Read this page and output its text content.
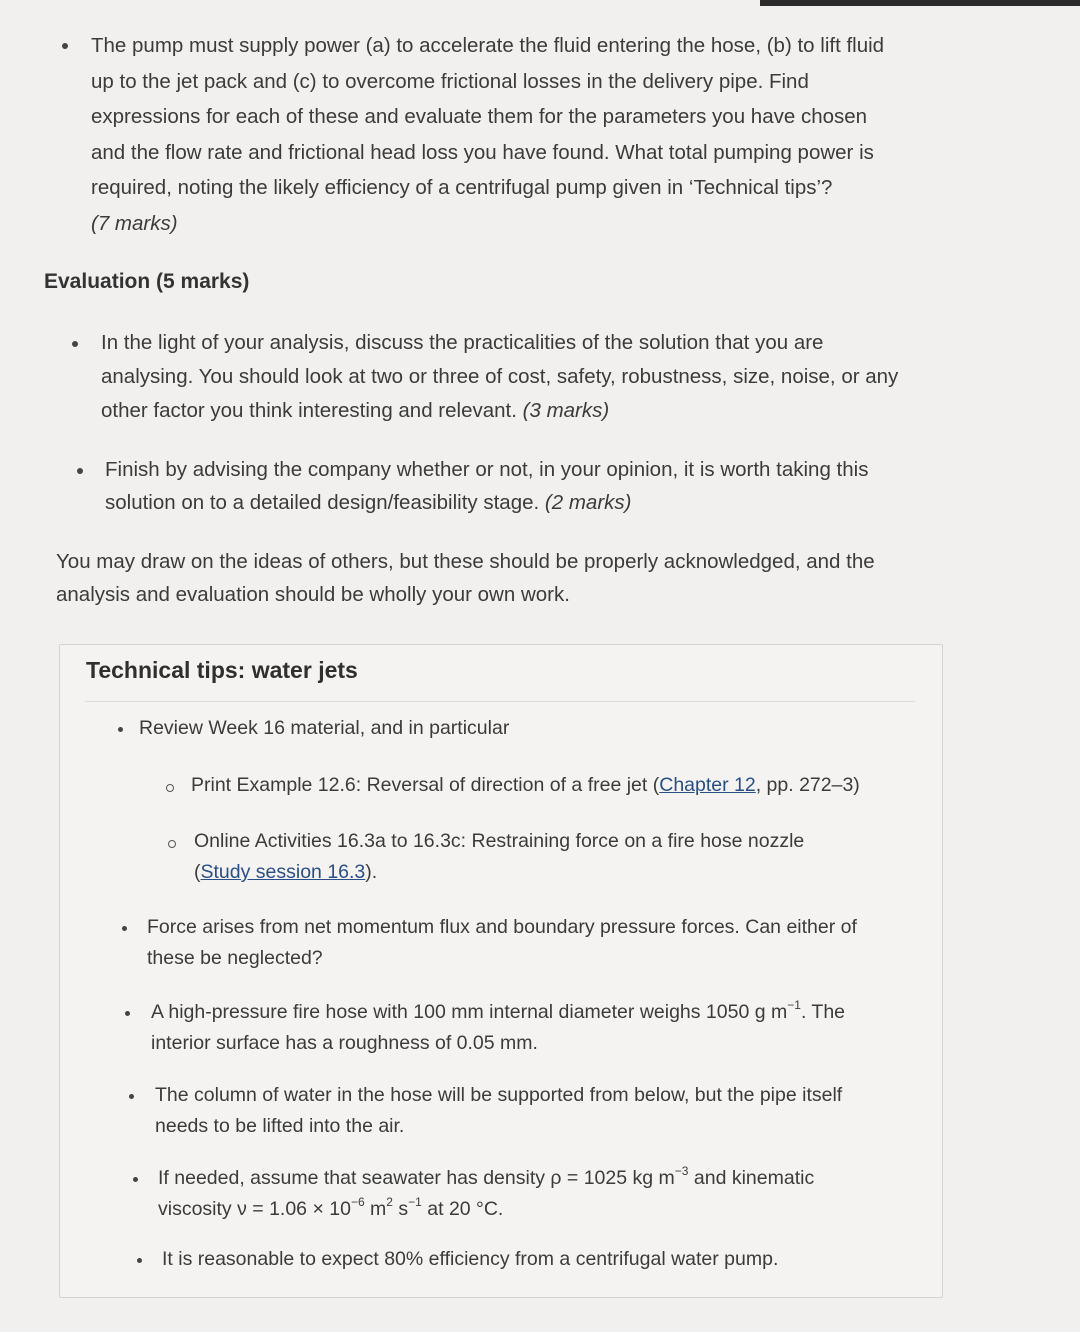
The pump must supply power (a) to accelerate the fluid entering the hose, (b) to lift fluid
up to the jet pack and (c) to overcome frictional losses in the delivery pipe. Find
expressions for each of these and evaluate them for the parameters you have chosen
and the flow rate and frictional head loss you have found. What total pumping power is
required, noting the likely efficiency of a centrifugal pump given in ‘Technical tips’?
(7 marks)
Evaluation (5 marks)
In the light of your analysis, discuss the practicalities of the solution that you are
analysing. You should look at two or three of cost, safety, robustness, size, noise, or any
other factor you think interesting and relevant. (3 marks)
Finish by advising the company whether or not, in your opinion, it is worth taking this
solution on to a detailed design/feasibility stage. (2 marks)
You may draw on the ideas of others, but these should be properly acknowledged, and the
analysis and evaluation should be wholly your own work.
Technical tips: water jets
Review Week 16 material, and in particular
Print Example 12.6: Reversal of direction of a free jet (Chapter 12, pp. 272–3)
Online Activities 16.3a to 16.3c: Restraining force on a fire hose nozzle
(Study session 16.3).
Force arises from net momentum flux and boundary pressure forces. Can either of
these be neglected?
A high-pressure fire hose with 100 mm internal diameter weighs 1050 g $m^{-1}$. The
interior surface has a roughness of 0.05 mm.
The column of water in the hose will be supported from below, but the pipe itself
needs to be lifted into the air.
If needed, assume that seawater has density ρ = 1025 kg $m^{-3}$ and kinematic
viscosity $\nu = 1.06 \times 10^{-6}$ $m^2$ $s^{-1}$ at 20 °C.
It is reasonable to expect 80% efficiency from a centrifugal water pump.
